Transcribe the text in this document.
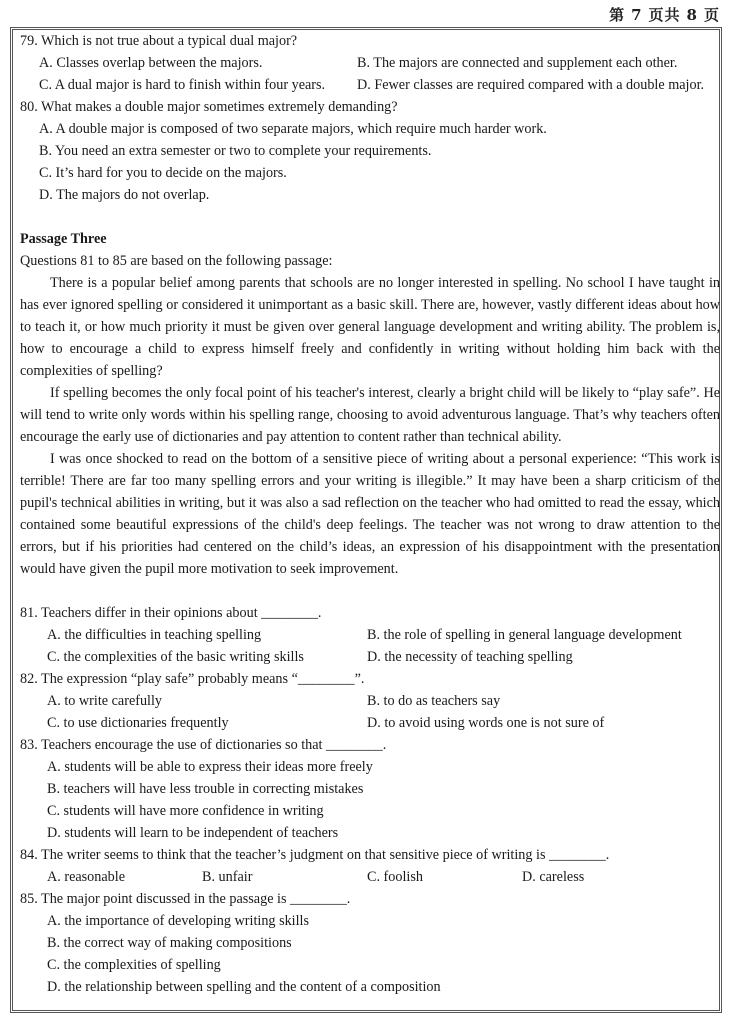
第 7 页共 8 页

79. Which is not true about a typical dual major?

A. Classes overlap between the majors.	B. The majors are connected and supplement each other.
C. A dual major is hard to finish within four years.	D. Fewer classes are required compared with a double major.

80. What makes a double major sometimes extremely demanding?

A. A double major is composed of two separate majors, which require much harder work.
B. You need an extra semester or two to complete your requirements.
C. It’s hard for you to decide on the majors.
D. The majors do not overlap.
Passage Three
Questions 81 to 85 are based on the following passage:

There is a popular belief among parents that schools are no longer interested in spelling. No school I have taught in has ever ignored spelling or considered it unimportant as a basic skill. There are, however, vastly different ideas about how to teach it, or how much priority it must be given over general language development and writing ability. The problem is, how to encourage a child to express himself freely and confidently in writing without holding him back with the complexities of spelling?

If spelling becomes the only focal point of his teacher's interest, clearly a bright child will be likely to “play safe”. He will tend to write only words within his spelling range, choosing to avoid adventurous language. That’s why teachers often encourage the early use of dictionaries and pay attention to content rather than technical ability.

I was once shocked to read on the bottom of a sensitive piece of writing about a personal experience: “This work is terrible! There are far too many spelling errors and your writing is illegible.” It may have been a sharp criticism of the pupil's technical abilities in writing, but it was also a sad reflection on the teacher who had omitted to read the essay, which contained some beautiful expressions of the child's deep feelings. The teacher was not wrong to draw attention to the errors, but if his priorities had centered on the child’s ideas, an expression of his disappointment with the presentation would have given the pupil more motivation to seek improvement.

81. Teachers differ in their opinions about ________.

A. the difficulties in teaching spelling	B. the role of spelling in general language development
C. the complexities of the basic writing skills	D. the necessity of teaching spelling

82. The expression “play safe” probably means “________”.

A. to write carefully	B. to do as teachers say
C. to use dictionaries frequently	D. to avoid using words one is not sure of

83. Teachers encourage the use of dictionaries so that ________.

A. students will be able to express their ideas more freely
B. teachers will have less trouble in correcting mistakes
C. students will have more confidence in writing
D. students will learn to be independent of teachers

84. The writer seems to think that the teacher’s judgment on that sensitive piece of writing is ________.

A. reasonable	B. unfair	C. foolish	D. careless

85. The major point discussed in the passage is ________.

A. the importance of developing writing skills
B. the correct way of making compositions
C. the complexities of spelling
D. the relationship between spelling and the content of a composition
